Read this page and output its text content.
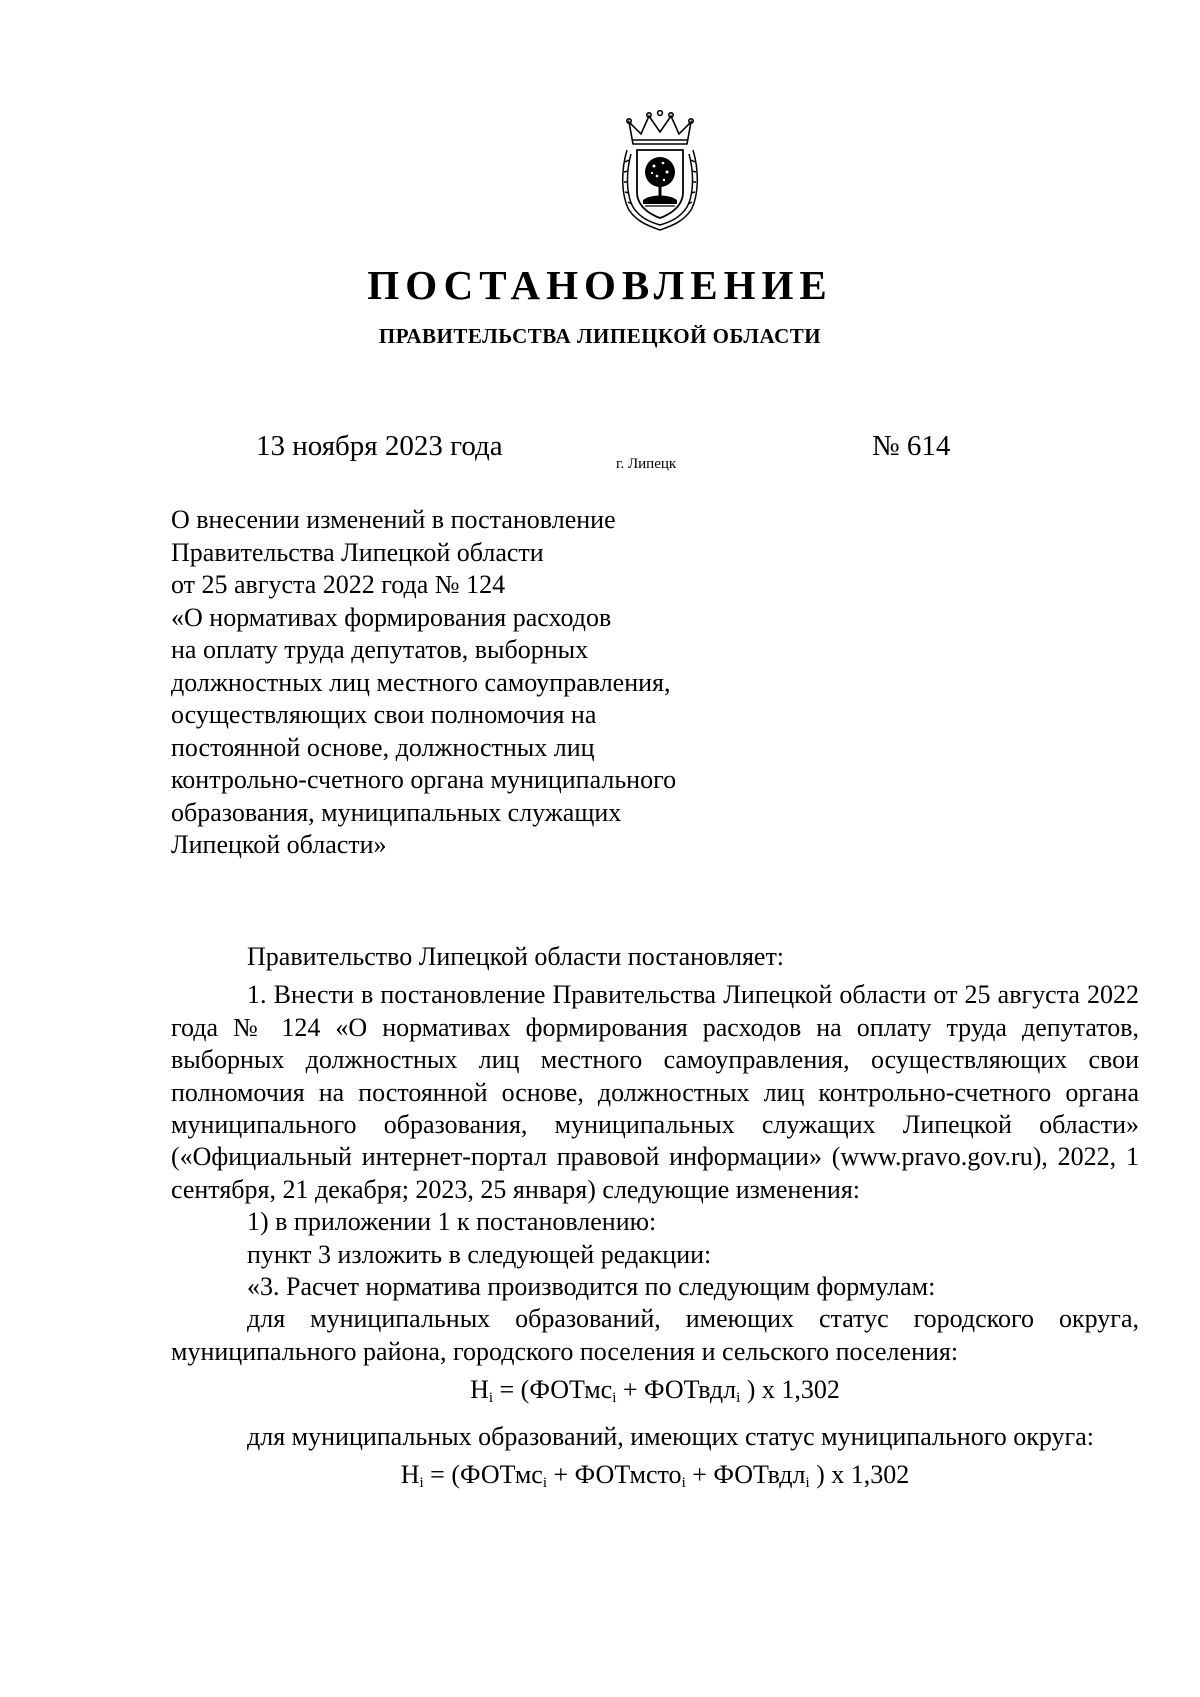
ПОСТАНОВЛЕНИЕ
ПРАВИТЕЛЬСТВА ЛИПЕЦКОЙ ОБЛАСТИ
13 ноября 2023 года
г. Липецк
№ 614
О внесении изменений в постановление
Правительства Липецкой области
от 25 августа 2022 года № 124
«О нормативах формирования расходов
на оплату труда депутатов, выборных
должностных лиц местного самоуправления,
осуществляющих свои полномочия на
постоянной основе, должностных лиц
контрольно-счетного органа муниципального
образования, муниципальных служащих
Липецкой области»

Правительство Липецкой области постановляет:

1. Внести в постановление Правительства Липецкой области от 25 августа 2022 года № 124 «О нормативах формирования расходов на оплату труда депутатов, выборных должностных лиц местного самоуправления, осуществляющих свои полномочия на постоянной основе, должностных лиц контрольно-счетного органа муниципального образования, муниципальных служащих Липецкой области» («Официальный интернет-портал правовой информации» (www.pravo.gov.ru), 2022, 1 сентября, 21 декабря; 2023, 25 января) следующие изменения:

1) в приложении 1 к постановлению:

пункт 3 изложить в следующей редакции:

«3. Расчет норматива производится по следующим формулам:

для муниципальных образований, имеющих статус городского округа, муниципального района, городского поселения и сельского поселения:

$Н_i$ = (ФОТмс$_i$ + ФОТвдл$_i$ ) х 1,302

для муниципальных образований, имеющих статус муниципального округа:

$Н_i$ = (ФОТмс$_i$ + ФОТмсто$_i$ + ФОТвдл$_i$ ) х 1,302
